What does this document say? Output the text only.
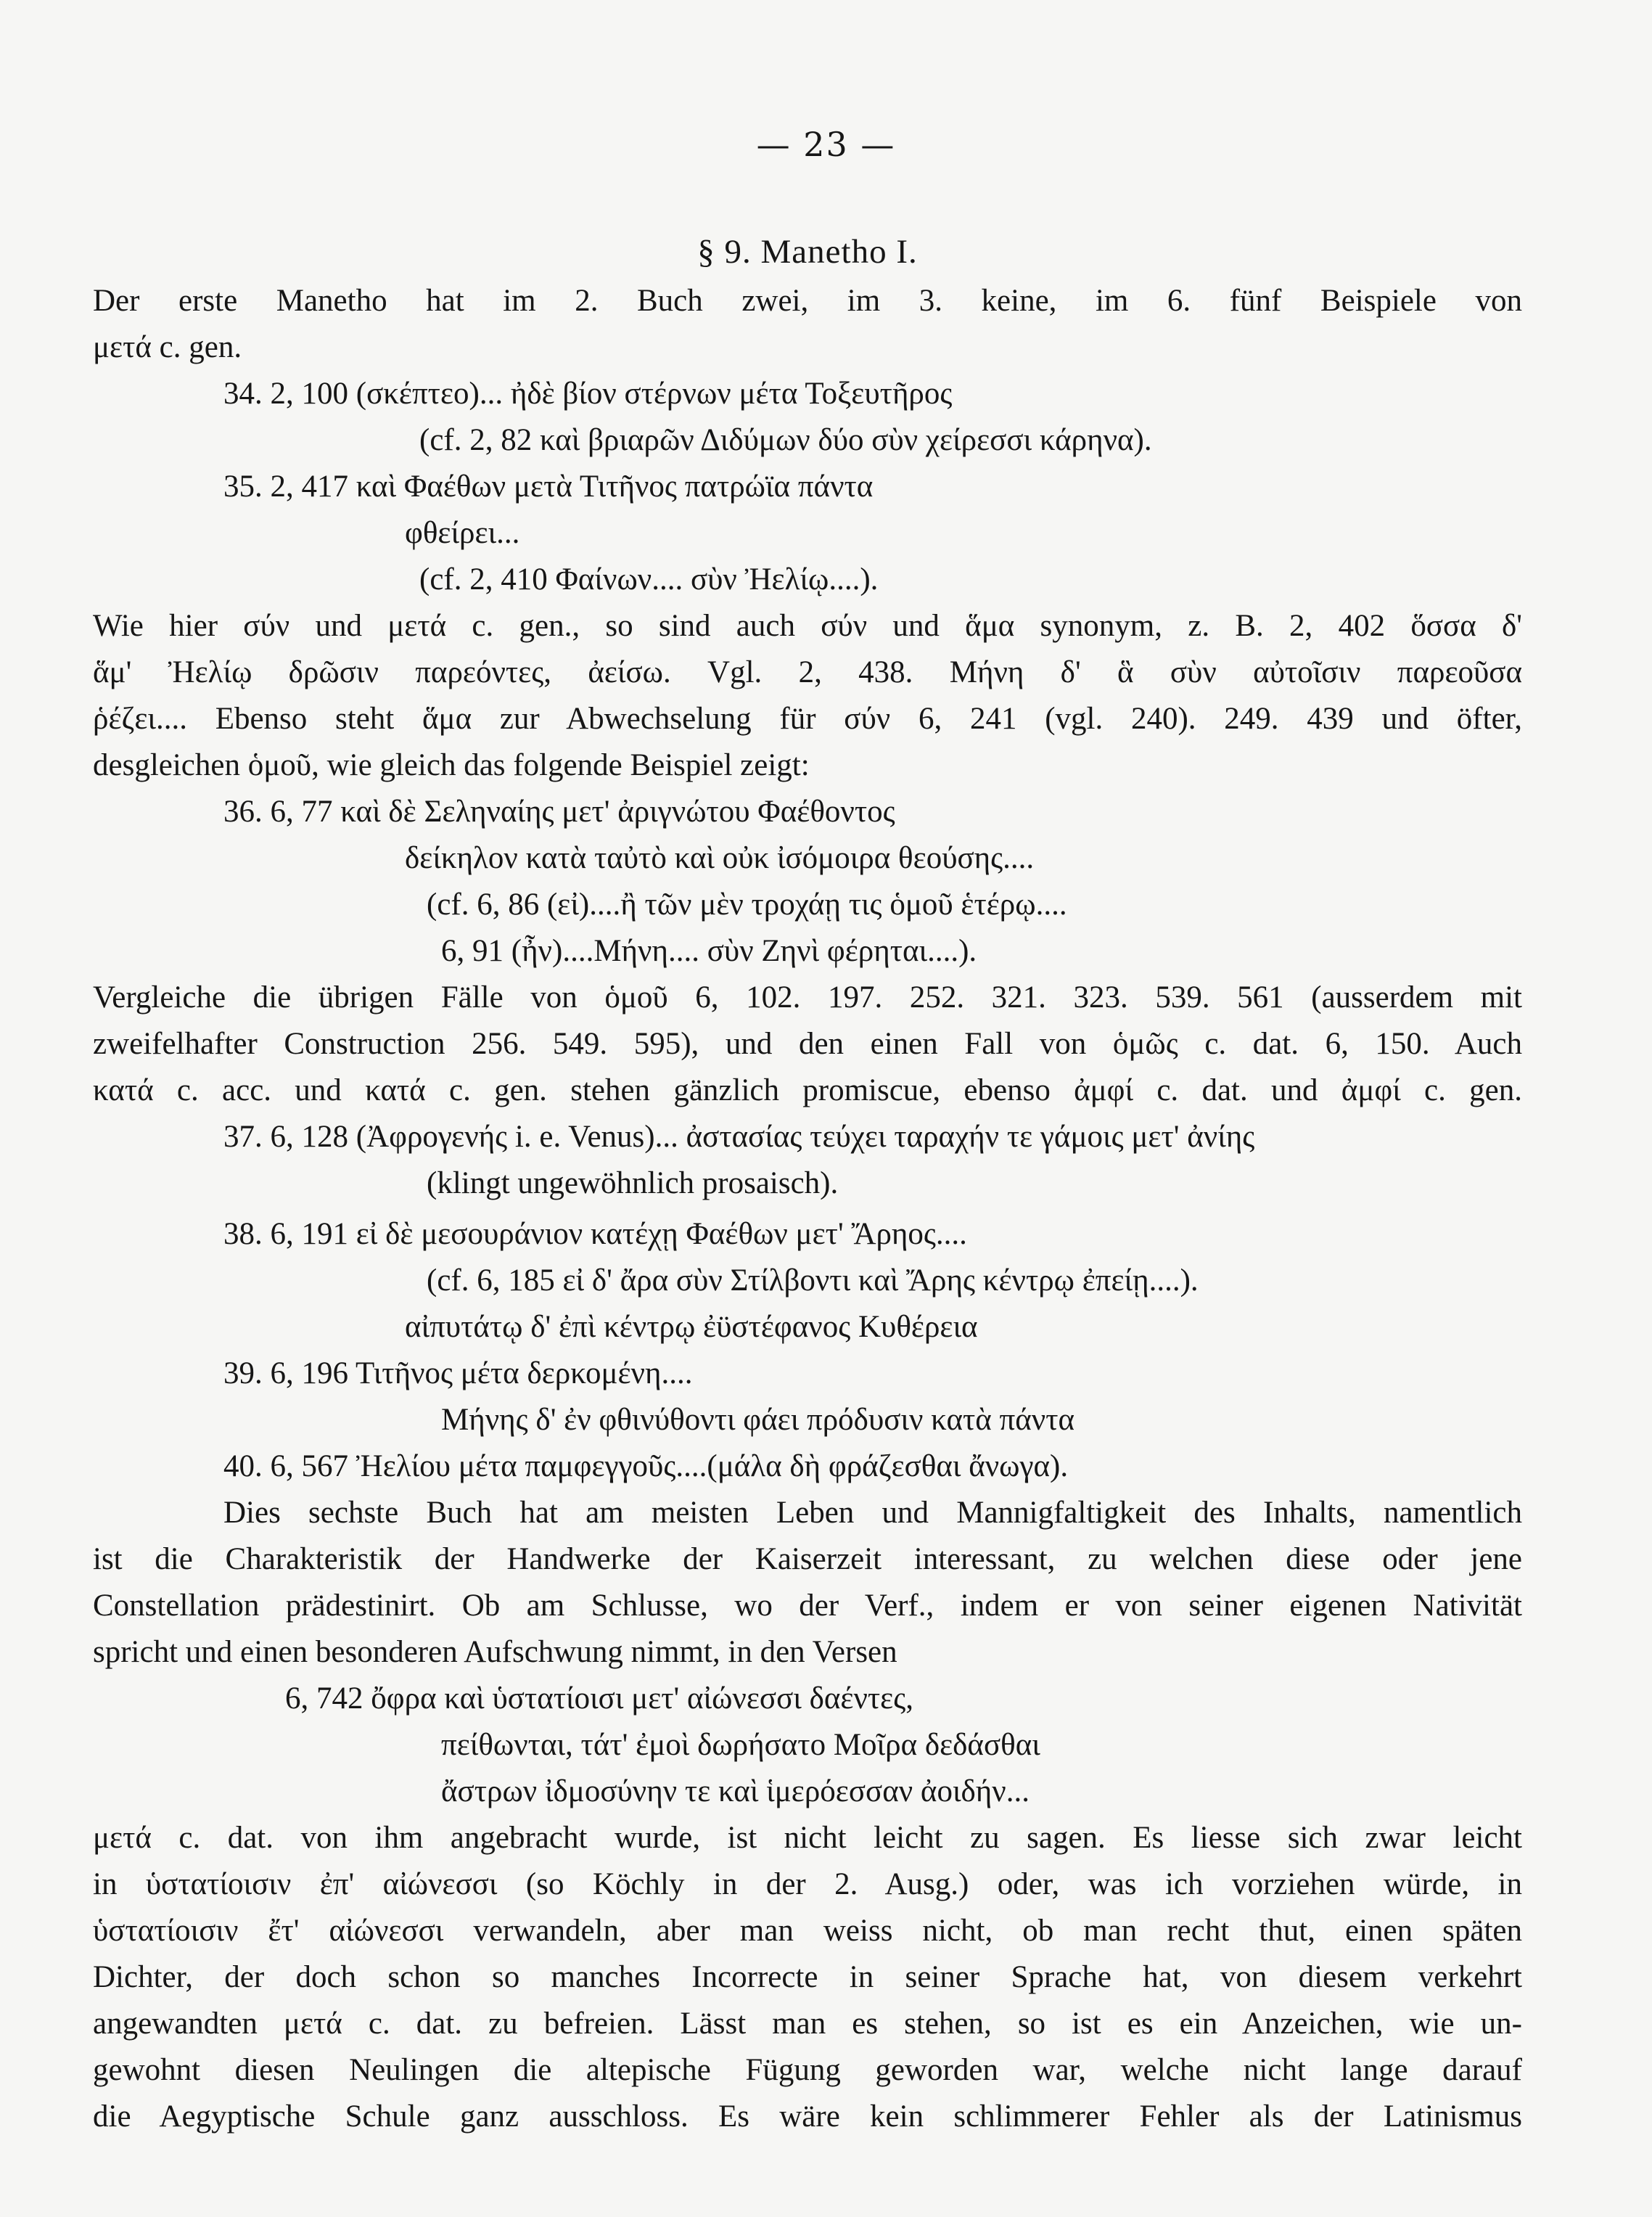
— 23 —
§ 9. Manetho I.
Der erste Manetho hat im 2. Buch zwei, im 3. keine, im 6. fünf Beispiele von
μετά c. gen.
34. 2, 100 (σκέπτεο)... ἠδὲ βίον στέρνων μέτα Τοξευτῆρος
(cf. 2, 82 καὶ βριαρῶν Διδύμων δύο σὺν χείρεσσι κάρηνα).
35. 2, 417 καὶ Φαέθων μετὰ Τιτῆνος πατρώϊα πάντα
φθείρει...
(cf. 2, 410 Φαίνων.... σὺν Ἠελίῳ....).
Wie hier σύν und μετά c. gen., so sind auch σύν und ἅμα synonym, z. B. 2, 402 ὅσσα δ'
ἅμ' Ἠελίῳ δρῶσιν παρεόντες, ἀείσω. Vgl. 2, 438. Μήνη δ' ἃ σὺν αὐτοῖσιν παρεοῦσα
ῥέζει.... Ebenso steht ἅμα zur Abwechselung für σύν 6, 241 (vgl. 240). 249. 439 und öfter,
desgleichen ὁμοῦ, wie gleich das folgende Beispiel zeigt:
36. 6, 77 καὶ δὲ Σεληναίης μετ' ἀριγνώτου Φαέθοντος
δείκηλον κατὰ ταὐτὸ καὶ οὐκ ἰσόμοιρα θεούσης....
(cf. 6, 86 (εἰ)....ἢ τῶν μὲν τροχάῃ τις ὁμοῦ ἑτέρῳ....
6, 91 (ἦν)....Μήνη.... σὺν Ζηνὶ φέρηται....).
Vergleiche die übrigen Fälle von ὁμοῦ 6, 102. 197. 252. 321. 323. 539. 561 (ausserdem mit
zweifelhafter Construction 256. 549. 595), und den einen Fall von ὁμῶς c. dat. 6, 150. Auch
κατά c. acc. und κατά c. gen. stehen gänzlich promiscue, ebenso ἀμφί c. dat. und ἀμφί c. gen.
37. 6, 128 (Ἀφρογενής i. e. Venus)... ἀστασίας τεύχει ταραχήν τε γάμοις μετ' ἀνίης
(klingt ungewöhnlich prosaisch).
38. 6, 191 εἰ δὲ μεσουράνιον κατέχῃ Φαέθων μετ' Ἄρηος....
(cf. 6, 185 εἰ δ' ἄρα σὺν Στίλβοντι καὶ Ἄρης κέντρῳ ἐπείῃ....).
αἰπυτάτῳ δ' ἐπὶ κέντρῳ ἐϋστέφανος Κυθέρεια
39. 6, 196 Τιτῆνος μέτα δερκομένη....
Μήνης δ' ἐν φθινύθοντι φάει πρόδυσιν κατὰ πάντα
40. 6, 567 Ἠελίου μέτα παμφεγγοῦς....(μάλα δὴ φράζεσθαι ἄνωγα).
Dies sechste Buch hat am meisten Leben und Mannigfaltigkeit des Inhalts, namentlich
ist die Charakteristik der Handwerke der Kaiserzeit interessant, zu welchen diese oder jene
Constellation prädestinirt. Ob am Schlusse, wo der Verf., indem er von seiner eigenen Nativität
spricht und einen besonderen Aufschwung nimmt, in den Versen
6, 742 ὄφρα καὶ ὑστατίοισι μετ' αἰώνεσσι δαέντες,
πείθωνται, τάτ' ἐμοὶ δωρήσατο Μοῖρα δεδάσθαι
ἄστρων ἰδμοσύνην τε καὶ ἱμερόεσσαν ἀοιδήν...
μετά c. dat. von ihm angebracht wurde, ist nicht leicht zu sagen. Es liesse sich zwar leicht
in ὑστατίοισιν ἐπ' αἰώνεσσι (so Köchly in der 2. Ausg.) oder, was ich vorziehen würde, in
ὑστατίοισιν ἔτ' αἰώνεσσι verwandeln, aber man weiss nicht, ob man recht thut, einen späten
Dichter, der doch schon so manches Incorrecte in seiner Sprache hat, von diesem verkehrt
angewandten μετά c. dat. zu befreien. Lässt man es stehen, so ist es ein Anzeichen, wie un-
gewohnt diesen Neulingen die altepische Fügung geworden war, welche nicht lange darauf
die Aegyptische Schule ganz ausschloss. Es wäre kein schlimmerer Fehler als der Latinismus
